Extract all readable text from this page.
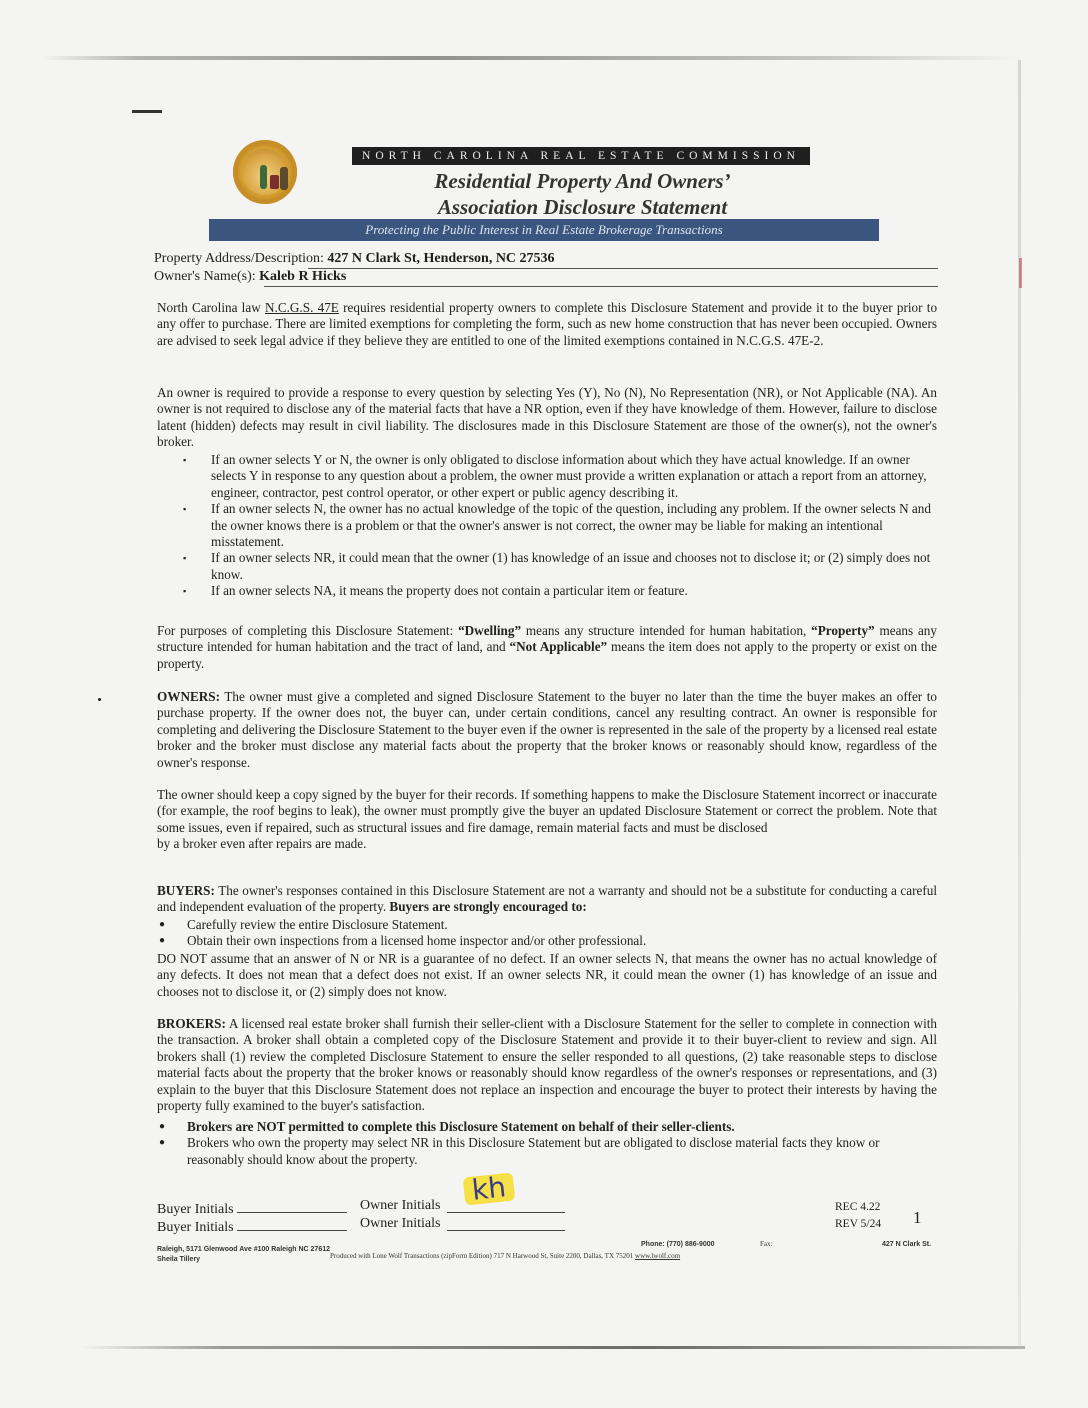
NORTH CAROLINA REAL ESTATE COMMISSION
Residential Property And Owners’
Association Disclosure Statement
Protecting the Public Interest in Real Estate Brokerage Transactions
Property Address/Description: 427 N Clark St, Henderson, NC 27536
Owner's Name(s): Kaleb R Hicks
North Carolina law N.C.G.S. 47E requires residential property owners to complete this Disclosure Statement and provide it to the buyer prior to any offer to purchase. There are limited exemptions for completing the form, such as new home construction that has never been occupied. Owners are advised to seek legal advice if they believe they are entitled to one of the limited exemptions contained in N.C.G.S. 47E-2.
An owner is required to provide a response to every question by selecting Yes (Y), No (N), No Representation (NR), or Not Applicable (NA). An owner is not required to disclose any of the material facts that have a NR option, even if they have knowledge of them. However, failure to disclose latent (hidden) defects may result in civil liability. The disclosures made in this Disclosure Statement are those of the owner(s), not the owner's broker.
▪	If an owner selects Y or N, the owner is only obligated to disclose information about which they have actual knowledge. If an owner selects Y in response to any question about a problem, the owner must provide a written explanation or attach a report from an attorney, engineer, contractor, pest control operator, or other expert or public agency describing it.
▪	If an owner selects N, the owner has no actual knowledge of the topic of the question, including any problem. If the owner selects N and the owner knows there is a problem or that the owner's answer is not correct, the owner may be liable for making an intentional misstatement.
▪	If an owner selects NR, it could mean that the owner (1) has knowledge of an issue and chooses not to disclose it; or (2) simply does not know.
▪	If an owner selects NA, it means the property does not contain a particular item or feature.
For purposes of completing this Disclosure Statement: “Dwelling” means any structure intended for human habitation, “Property” means any structure intended for human habitation and the tract of land, and “Not Applicable” means the item does not apply to the property or exist on the property.
OWNERS: The owner must give a completed and signed Disclosure Statement to the buyer no later than the time the buyer makes an offer to purchase property. If the owner does not, the buyer can, under certain conditions, cancel any resulting contract. An owner is responsible for completing and delivering the Disclosure Statement to the buyer even if the owner is represented in the sale of the property by a licensed real estate broker and the broker must disclose any material facts about the property that the broker knows or reasonably should know, regardless of the owner's response.
The owner should keep a copy signed by the buyer for their records. If something happens to make the Disclosure Statement incorrect or inaccurate (for example, the roof begins to leak), the owner must promptly give the buyer an updated Disclosure Statement or correct the problem. Note that some issues, even if repaired, such as structural issues and fire damage, remain material facts and must be disclosed
by a broker even after repairs are made.
BUYERS: The owner's responses contained in this Disclosure Statement are not a warranty and should not be a substitute for conducting a careful and independent evaluation of the property. Buyers are strongly encouraged to:
● Carefully review the entire Disclosure Statement.
● Obtain their own inspections from a licensed home inspector and/or other professional.
DO NOT assume that an answer of N or NR is a guarantee of no defect. If an owner selects N, that means the owner has no actual knowledge of any defects. It does not mean that a defect does not exist. If an owner selects NR, it could mean the owner (1) has knowledge of an issue and chooses not to disclose it, or (2) simply does not know.
BROKERS: A licensed real estate broker shall furnish their seller-client with a Disclosure Statement for the seller to complete in connection with the transaction. A broker shall obtain a completed copy of the Disclosure Statement and provide it to their buyer-client to review and sign. All brokers shall (1) review the completed Disclosure Statement to ensure the seller responded to all questions, (2) take reasonable steps to disclose material facts about the property that the broker knows or reasonably should know regardless of the owner's responses or representations, and (3) explain to the buyer that this Disclosure Statement does not replace an inspection and encourage the buyer to protect their interests by having the property fully examined to the buyer's satisfaction.
● Brokers are NOT permitted to complete this Disclosure Statement on behalf of their seller-clients.
● Brokers who own the property may select NR in this Disclosure Statement but are obligated to disclose material facts they know or reasonably should know about the property.
Buyer Initials
Buyer Initials
Owner Initials
Owner Initials
kh
REC 4.22
REV 5/24 1
Raleigh, 5171 Glenwood Ave #100 Raleigh NC 27612
Sheila Tillery
Phone: (770) 886-9000	Fax:
Produced with Lone Wolf Transactions (zipForm Edition) 717 N Harwood St, Suite 2200, Dallas, TX 75201 www.lwolf.com
427 N Clark St.
